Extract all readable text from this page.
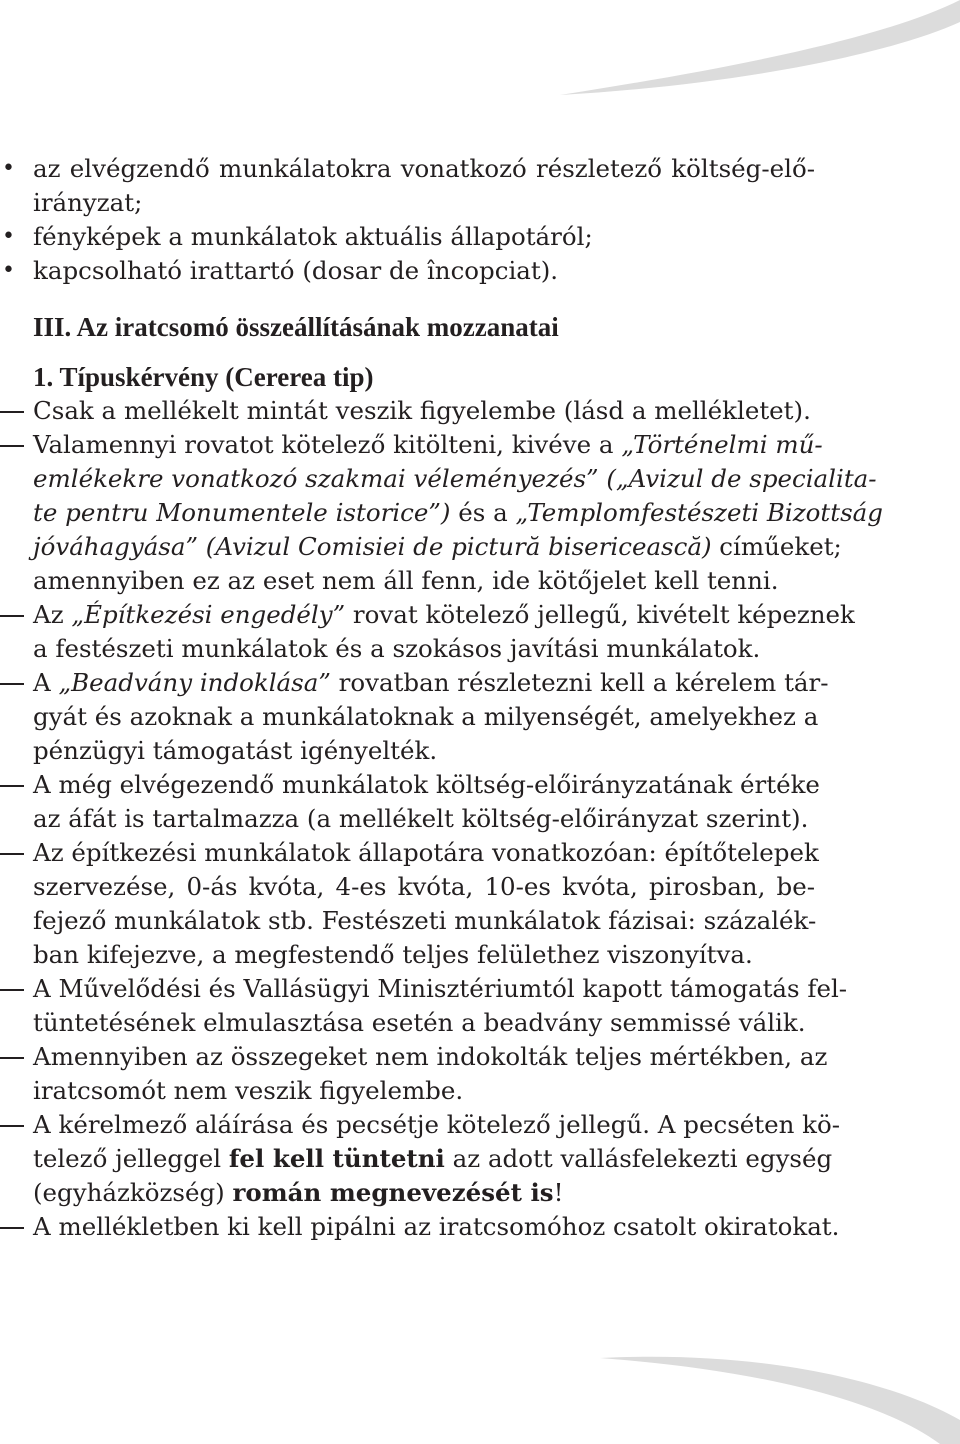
• az elvégzendő munkálatokra vonatkozó részletező költség-elő-
irányzat;
• fényképek a munkálatok aktuális állapotáról;
• kapcsolható irattartó (dosar de încopciat).
III. Az iratcsomó összeállításának mozzanatai
1. Típuskérvény (Cererea tip)
Csak a mellékelt mintát veszik figyelembe (lásd a mellékletet).
Valamennyi rovatot kötelező kitölteni, kivéve a „Történelmi mű-
emlékekre vonatkozó szakmai véleményezés” („Avizul de specialita-
te pentru Monumentele istorice”) és a „Templomfestészeti Bizottság
jóváhagyása” (Avizul Comisiei de pictură bisericească) címűeket;
amennyiben ez az eset nem áll fenn, ide kötőjelet kell tenni.
Az „Építkezési engedély” rovat kötelező jellegű, kivételt képeznek
a festészeti munkálatok és a szokásos javítási munkálatok.
A „Beadvány indoklása” rovatban részletezni kell a kérelem tár-
gyát és azoknak a munkálatoknak a milyenségét, amelyekhez a
pénzügyi támogatást igényelték.
A még elvégezendő munkálatok költség-előirányzatának értéke
az áfát is tartalmazza (a mellékelt költség-előirányzat szerint).
Az építkezési munkálatok állapotára vonatkozóan: építőtelepek
szervezése, 0-ás kvóta, 4-es kvóta, 10-es kvóta, pirosban, be-
fejező munkálatok stb. Festészeti munkálatok fázisai: százalék-
ban kifejezve, a megfestendő teljes felülethez viszonyítva.
A Művelődési és Vallásügyi Minisztériumtól kapott támogatás fel-
tüntetésének elmulasztása esetén a beadvány semmissé válik.
Amennyiben az összegeket nem indokolták teljes mértékben, az
iratcsomót nem veszik figyelembe.
A kérelmező aláírása és pecsétje kötelező jellegű. A pecséten kö-
telező jelleggel fel kell tüntetni az adott vallásfelekezti egység
(egyházközség) román megnevezését is!
A mellékletben ki kell pipálni az iratcsomóhoz csatolt okiratokat.
